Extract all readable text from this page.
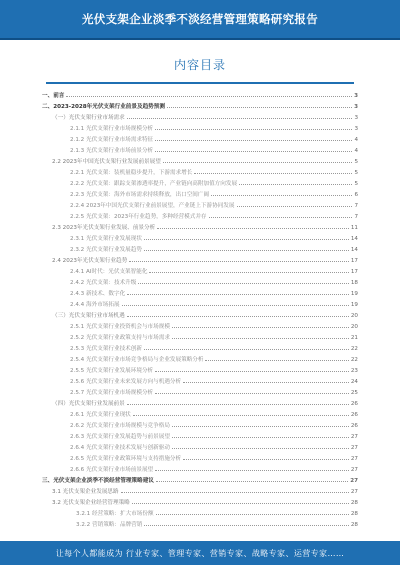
光伏支架企业淡季不淡经营管理策略研究报告
内容目录
一、前言	3
二、2023-2028年光伏支架行业前景及趋势预测	3
（一）光伏支架行业市场需求	3
2.1.1 光伏支架行业市场规模分析	3
2.1.2 光伏支架行业市场需求特征	4
2.1.3 光伏支架行业市场前景分析	4
2.2 2023年中国光伏支架行业发展前景展望	5
2.2.1 光伏支架：装机量稳步提升，下游需求增长	5
2.2.2 光伏支架：跟踪支架渗透率提升，产业链向高附加值方向发展	5
2.2.3 光伏支架：海外市场需求持续释放，出口空间广阔	6
2.2.4 2023年中国光伏支架行业前景展望，产业链上下游协同发展	7
2.2.5 光伏支架：2023年行业趋势，多种经营模式并存	7
2.3 2023年光伏支架行业发展、前景分析	11
2.3.1 光伏支架行业发展现状	14
2.3.2 光伏支架行业发展趋势	14
2.4 2023年光伏支架行业趋势	17
2.4.1 AI时代：光伏支架智能化	17
2.4.2 光伏支架：技术升级	18
2.4.3 新技术、数字化	19
2.4.4 海外市场拓展	19
（三）光伏支架行业市场机遇	20
2.5.1 光伏支架行业投资机会与市场规模	20
2.5.2 光伏支架行业政策支持与市场需求	21
2.5.3 光伏支架行业技术创新	22
2.5.4 光伏支架行业市场竞争格局与企业发展策略分析	22
2.5.5 光伏支架行业发展环境分析	23
2.5.6 光伏支架行业未来发展方向与机遇分析	24
2.5.7 光伏支架行业市场规模分析	25
（四）光伏支架行业发展前景	26
2.6.1 光伏支架行业现状	26
2.6.2 光伏支架行业市场规模与竞争格局	26
2.6.3 光伏支架行业发展趋势与前景展望	27
2.6.4 光伏支架行业技术发展与创新驱动	27
2.6.5 光伏支架行业政策环境与支持措施分析	27
2.6.6 光伏支架行业市场前景展望	27
三、光伏支架企业淡季不淡经营管理策略建议	27
3.1 光伏支架企业发展思路	27
3.2 光伏支架企业经营管理策略	28
3.2.1 经营策略：扩大市场份额	28
3.2.2 营销策略：品牌营销	28
让每个人都能成为 行业专家、管理专家、营销专家、战略专家、运营专家……
